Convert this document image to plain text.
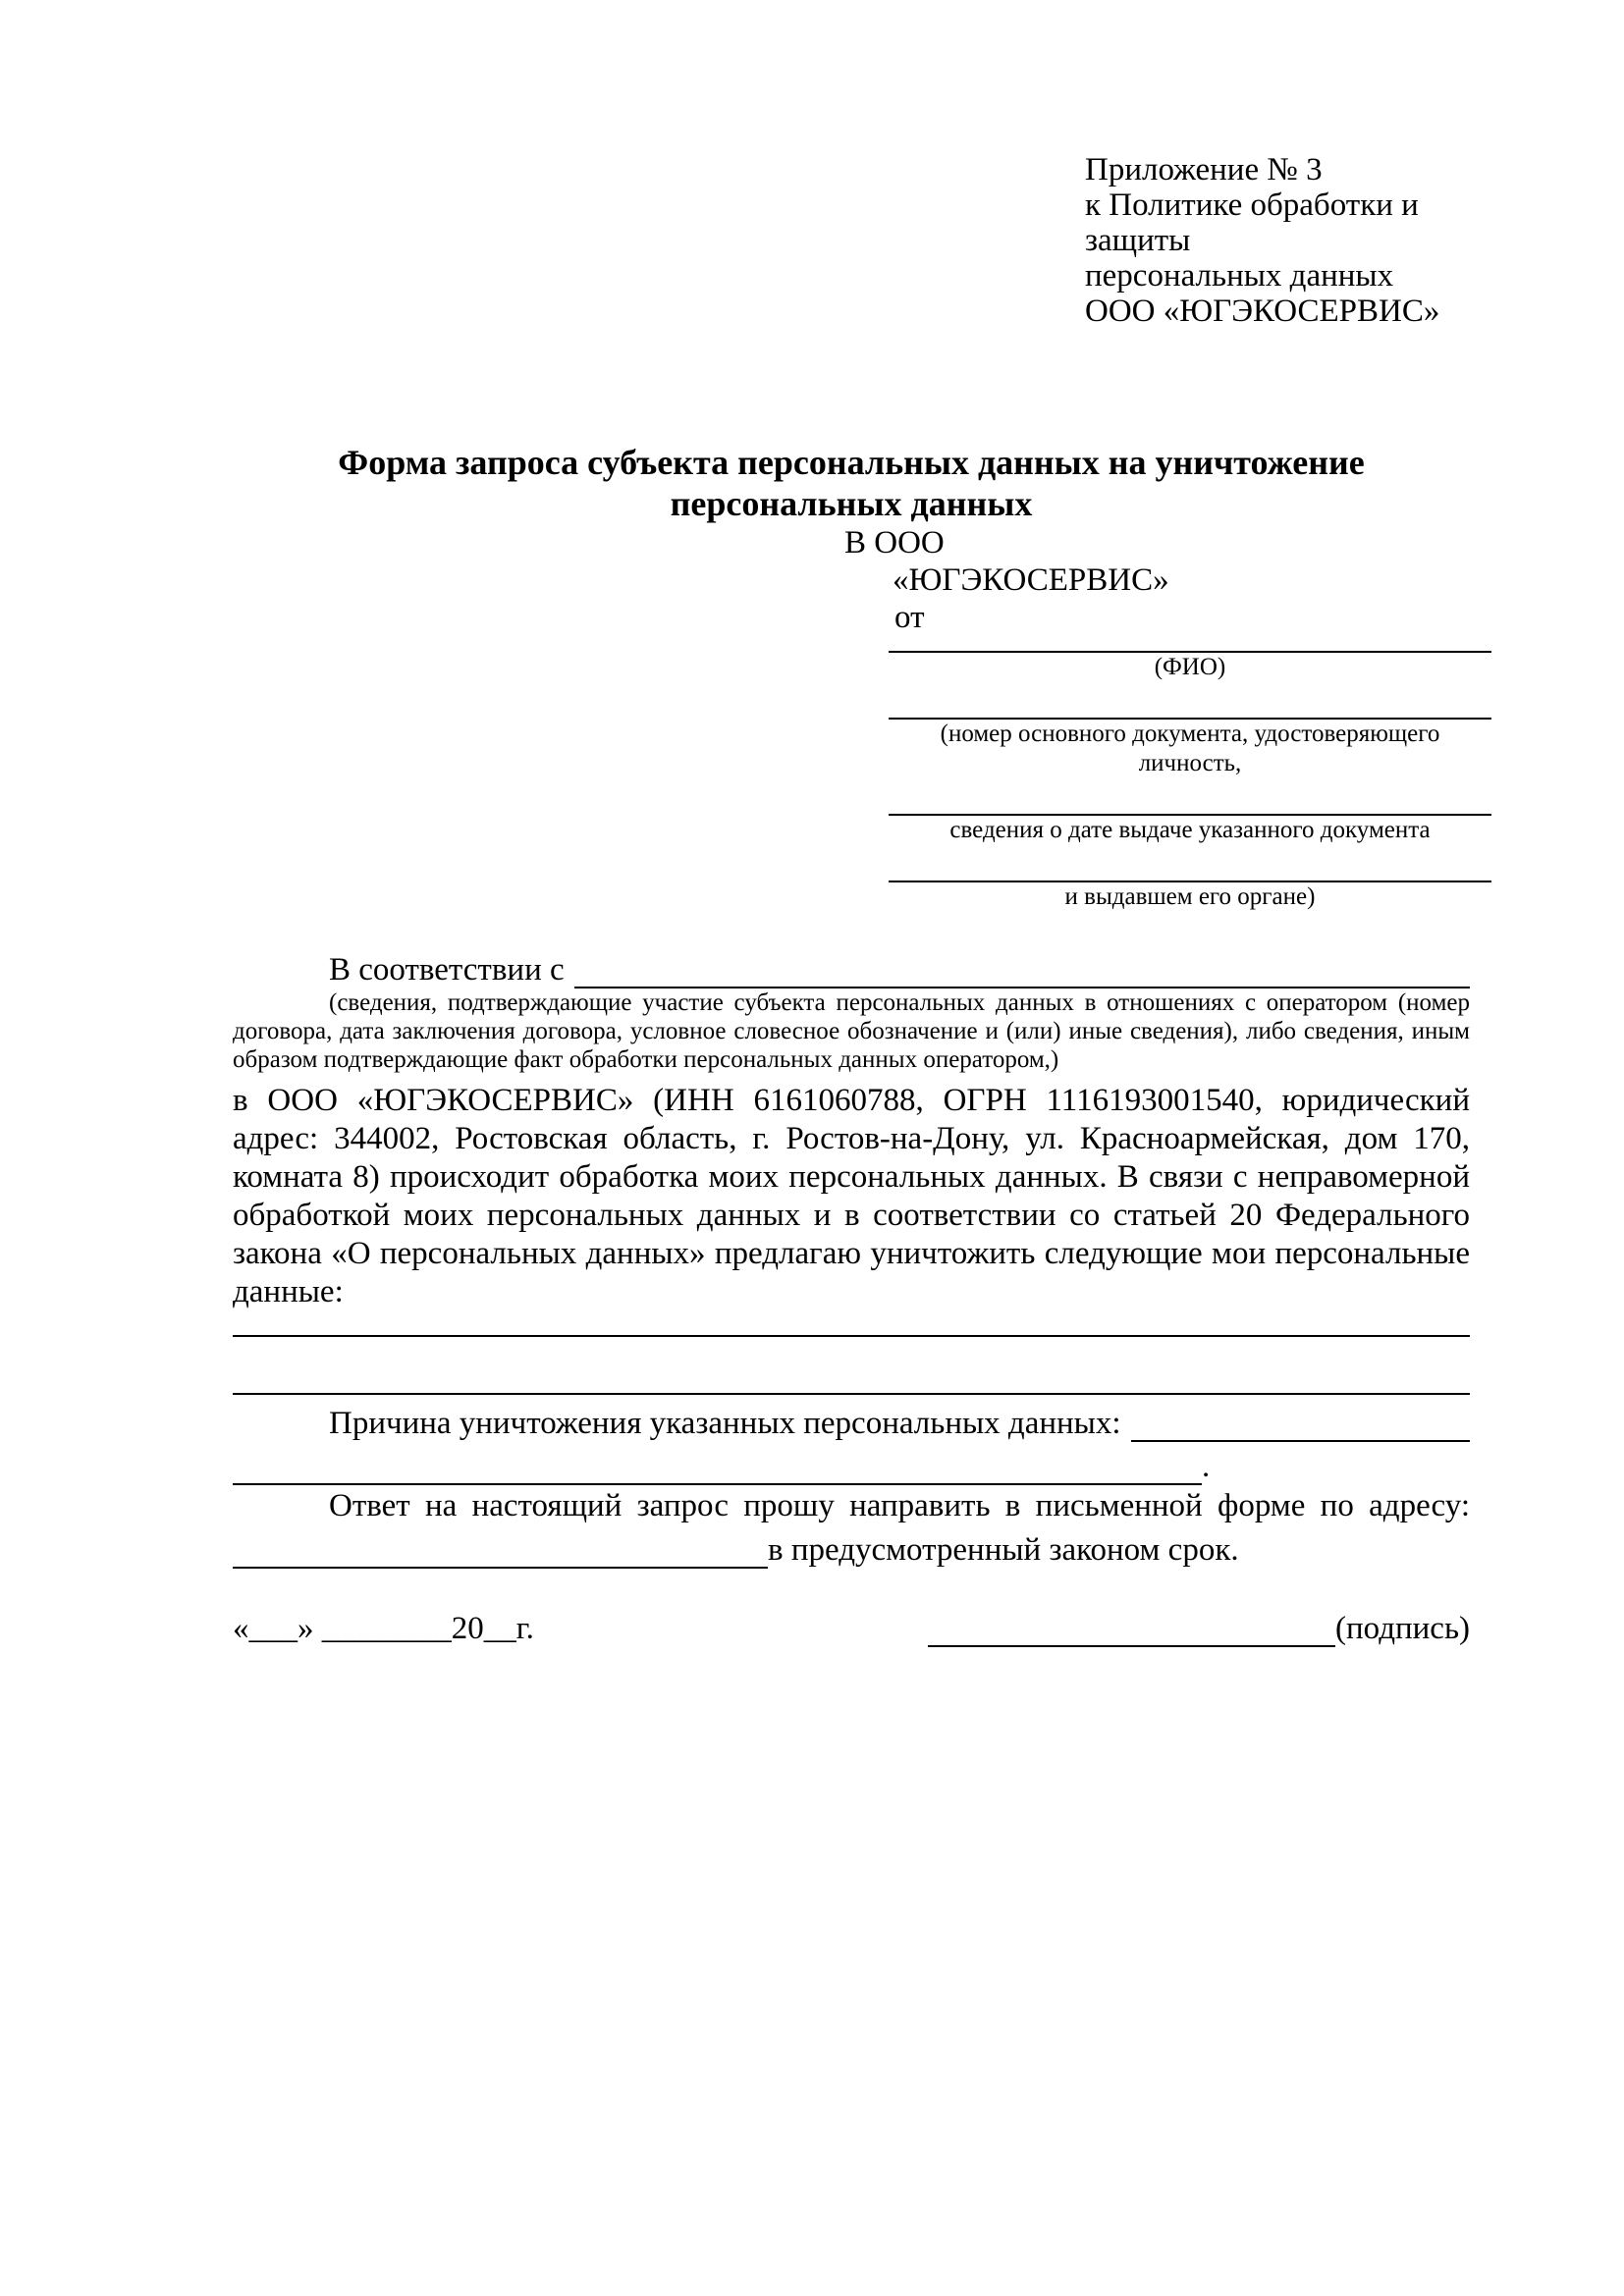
Приложение № 3
к Политике обработки и защиты
персональных данных
ООО «ЮГЭКОСЕРВИС»
Форма запроса субъекта персональных данных на уничтожение персональных данных
В ООО
«ЮГЭКОСЕРВИС»
от
(ФИО)
(номер основного документа, удостоверяющего личность,
сведения о дате выдаче указанного документа
и выдавшем его органе)
В соответствии с
(сведения, подтверждающие участие субъекта персональных данных в отношениях с оператором (номер договора, дата заключения договора, условное словесное обозначение и (или) иные сведения), либо сведения, иным образом подтверждающие факт обработки персональных данных оператором,)
в ООО «ЮГЭКОСЕРВИС» (ИНН 6161060788, ОГРН 1116193001540, юридический адрес: 344002, Ростовская область, г. Ростов-на-Дону, ул. Красноармейская, дом 170, комната 8) происходит обработка моих персональных данных. В связи с неправомерной обработкой моих персональных данных и в соответствии со статьей 20 Федерального закона «О персональных данных» предлагаю уничтожить следующие мои персональные данные:
Причина уничтожения указанных персональных данных:
.
Ответ на настоящий запрос прошу направить в письменной форме по адресу:
в предусмотренный законом срок.
«___» ________20__г.	(подпись)
